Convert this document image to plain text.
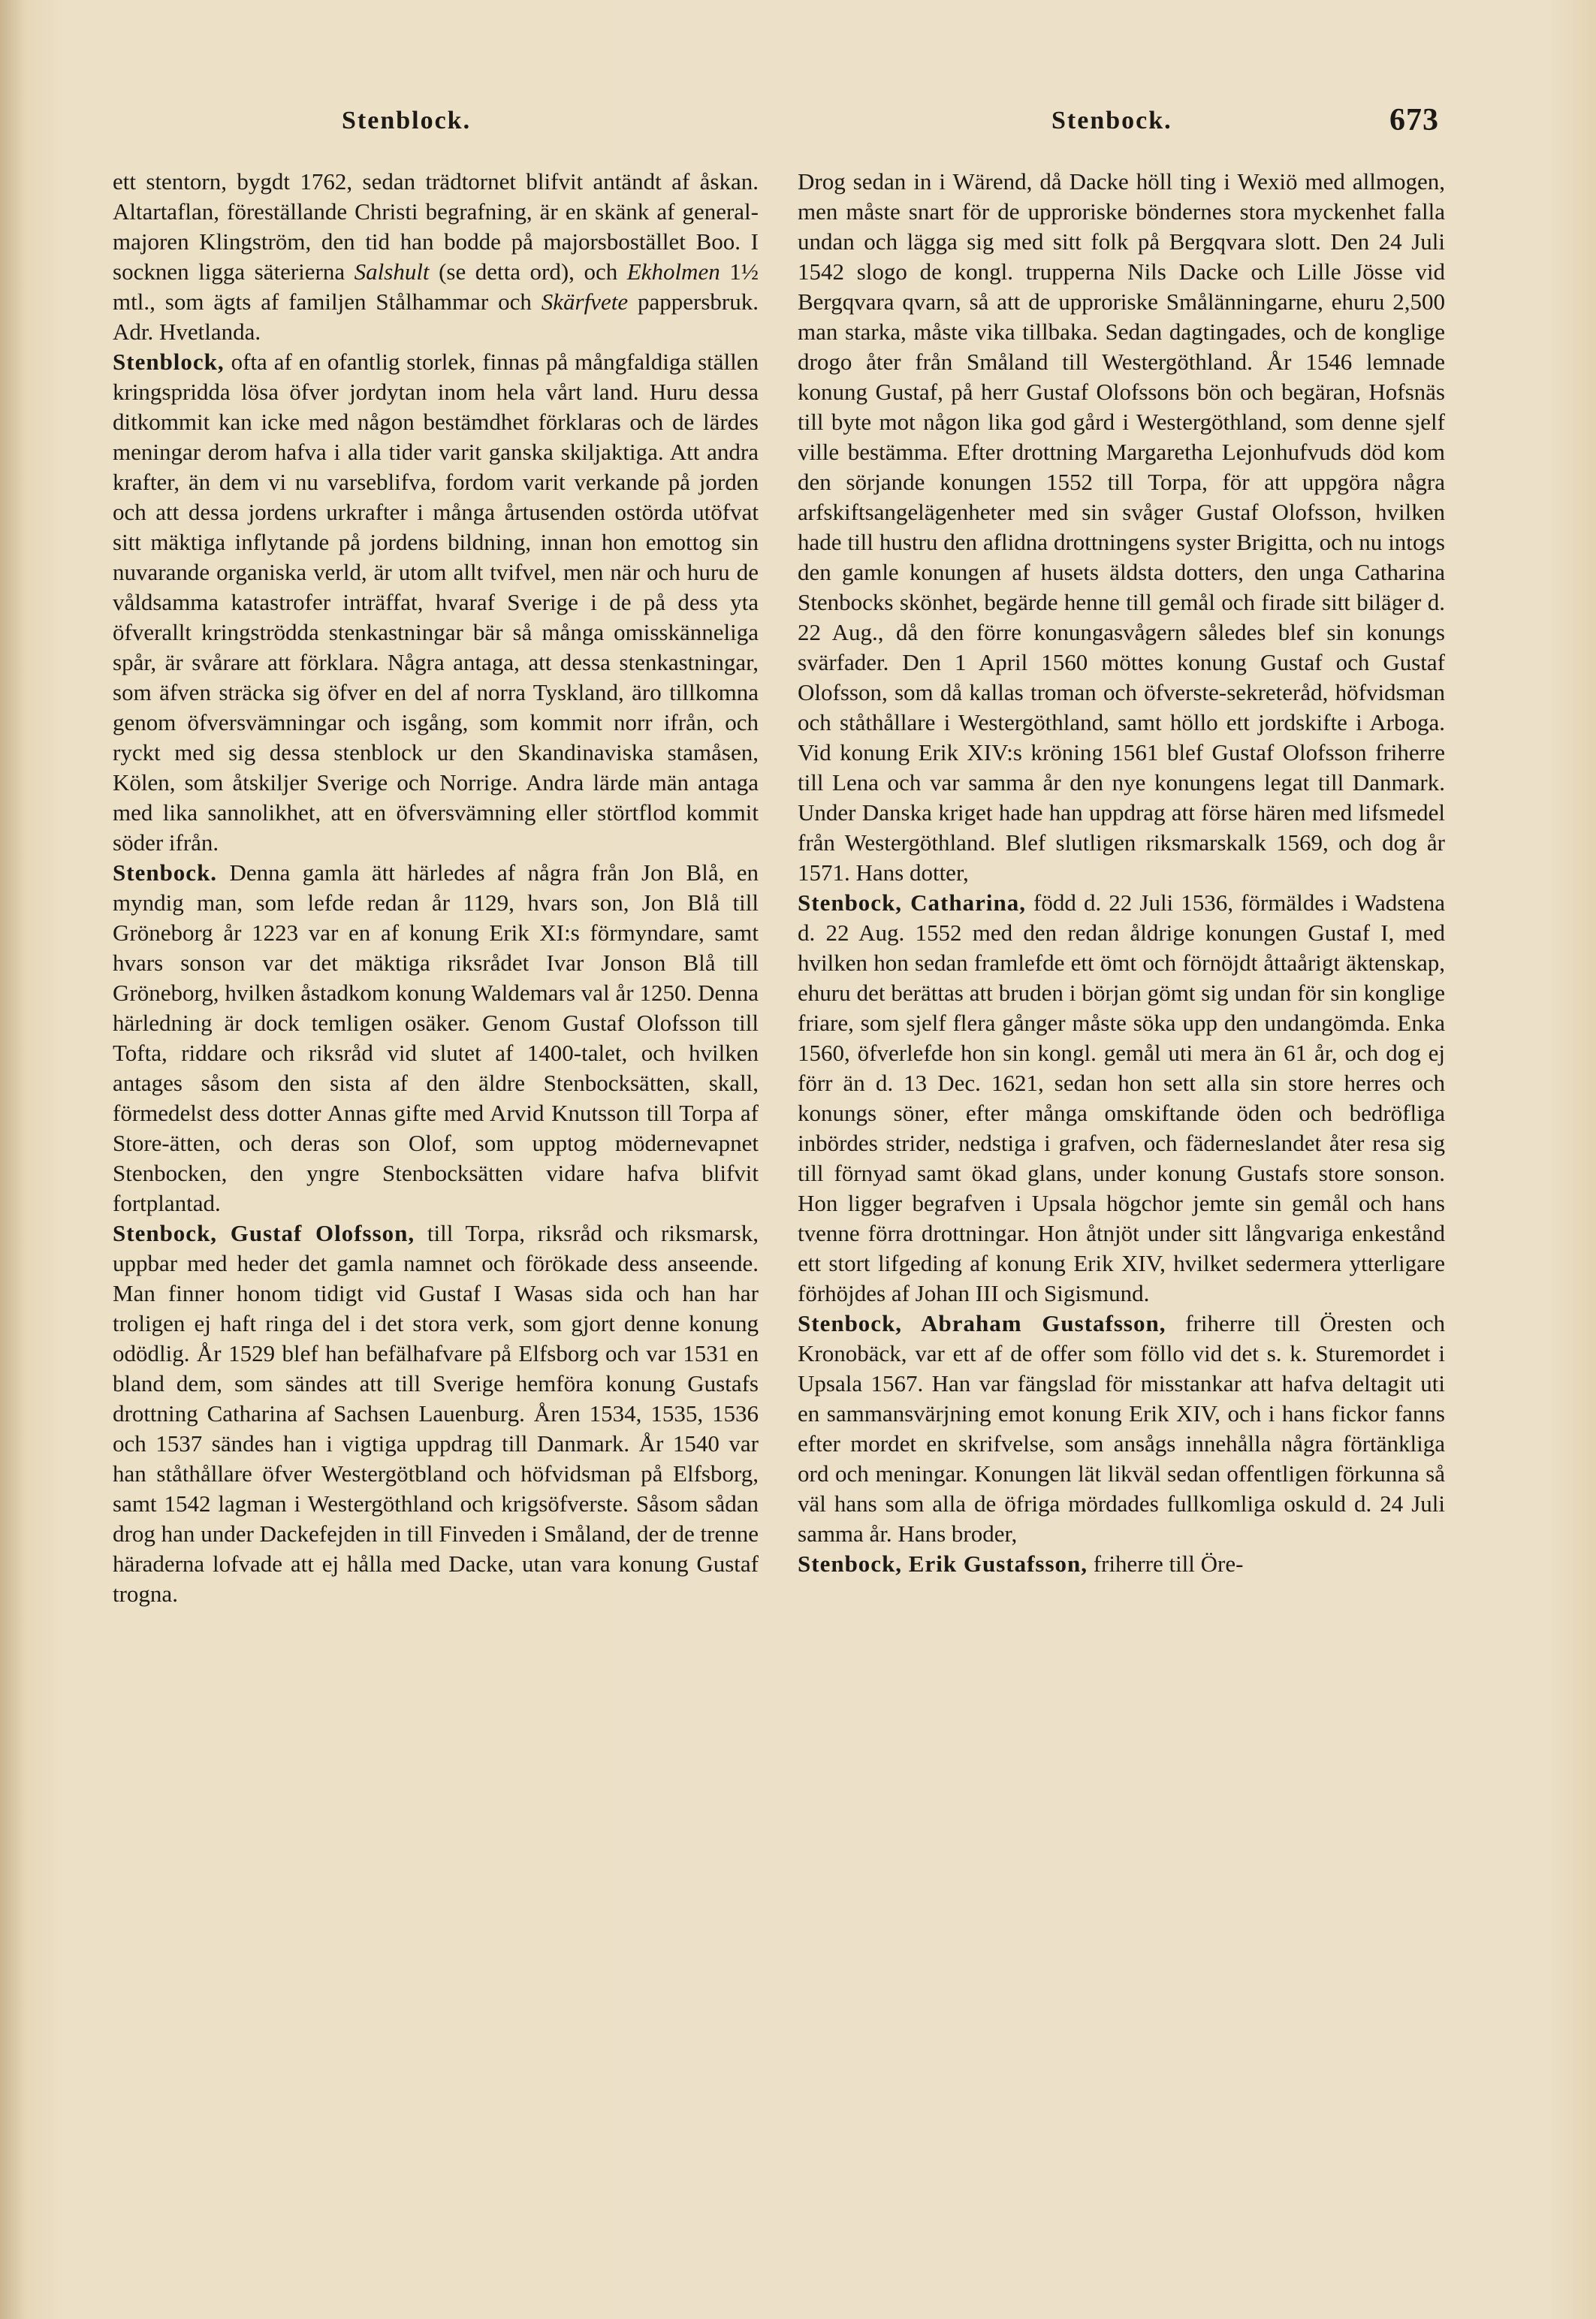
Stenblock.	Stenbock.	673

ett stentorn, bygdt 1762, sedan trädtornet blifvit antändt af åskan. Altartaflan, föreställande Christi begrafning, är en skänk af general-majoren Klingström, den tid han bodde på majorsbostället Boo. I socknen ligga säterierna Salshult (se detta ord), och Ekholmen 1½ mtl., som ägts af familjen Stålhammar och Skärfvete pappersbruk. Adr. Hvetlanda.

Stenblock, ofta af en ofantlig storlek, finnas på mångfaldiga ställen kringspridda lösa öfver jordytan inom hela vårt land. Huru dessa ditkommit kan icke med någon bestämdhet förklaras och de lärdes meningar derom hafva i alla tider varit ganska skiljaktiga. Att andra krafter, än dem vi nu varseblifva, fordom varit verkande på jorden och att dessa jordens urkrafter i många årtusenden ostörda utöfvat sitt mäktiga inflytande på jordens bildning, innan hon emottog sin nuvarande organiska verld, är utom allt tvifvel, men när och huru de våldsamma katastrofer inträffat, hvaraf Sverige i de på dess yta öfverallt kringströdda stenkastningar bär så många omisskänneliga spår, är svårare att förklara. Några antaga, att dessa stenkastningar, som äfven sträcka sig öfver en del af norra Tyskland, äro tillkomna genom öfversvämningar och isgång, som kommit norr ifrån, och ryckt med sig dessa stenblock ur den Skandinaviska stamåsen, Kölen, som åtskiljer Sverige och Norrige. Andra lärde män antaga med lika sannolikhet, att en öfversvämning eller störtflod kommit söder ifrån.

Stenbock. Denna gamla ätt härledes af några från Jon Blå, en myndig man, som lefde redan år 1129, hvars son, Jon Blå till Gröneborg år 1223 var en af konung Erik XI:s förmyndare, samt hvars sonson var det mäktiga riksrådet Ivar Jonson Blå till Gröneborg, hvilken åstadkom konung Waldemars val år 1250. Denna härledning är dock temligen osäker. Genom Gustaf Olofsson till Tofta, riddare och riksråd vid slutet af 1400-talet, och hvilken antages såsom den sista af den äldre Stenbocksätten, skall, förmedelst dess dotter Annas gifte med Arvid Knutsson till Torpa af Store-ätten, och deras son Olof, som upptog mödernevapnet Stenbocken, den yngre Stenbocksätten vidare hafva blifvit fortplantad.

Stenbock, Gustaf Olofsson, till Torpa, riksråd och riksmarsk, uppbar med heder det gamla namnet och förökade dess anseende. Man finner honom tidigt vid Gustaf I Wasas sida och han har troligen ej haft ringa del i det stora verk, som gjort denne konung odödlig. År 1529 blef han befälhafvare på Elfsborg och var 1531 en bland dem, som sändes att till Sverige hemföra konung Gustafs drottning Catharina af Sachsen Lauenburg. Åren 1534, 1535, 1536 och 1537 sändes han i vigtiga uppdrag till Danmark. År 1540 var han ståthållare öfver Westergötbland och höfvidsman på Elfsborg, samt 1542 lagman i Westergöthland och krigsöfverste. Såsom sådan drog han under Dackefejden in till Finveden i Småland, der de trenne häraderna lofvade att ej hålla med Dacke, utan vara konung Gustaf trogna.

Drog sedan in i Wärend, då Dacke höll ting i Wexiö med allmogen, men måste snart för de upproriske böndernes stora myckenhet falla undan och lägga sig med sitt folk på Bergqvara slott. Den 24 Juli 1542 slogo de kongl. trupperna Nils Dacke och Lille Jösse vid Bergqvara qvarn, så att de upproriske Smålänningarne, ehuru 2,500 man starka, måste vika tillbaka. Sedan dagtingades, och de konglige drogo åter från Småland till Westergöthland. År 1546 lemnade konung Gustaf, på herr Gustaf Olofssons bön och begäran, Hofsnäs till byte mot någon lika god gård i Westergöthland, som denne sjelf ville bestämma. Efter drottning Margaretha Lejonhufvuds död kom den sörjande konungen 1552 till Torpa, för att uppgöra några arfskiftsangelägenheter med sin svåger Gustaf Olofsson, hvilken hade till hustru den aflidna drottningens syster Brigitta, och nu intogs den gamle konungen af husets äldsta dotters, den unga Catharina Stenbocks skönhet, begärde henne till gemål och firade sitt biläger d. 22 Aug., då den förre konungasvågern således blef sin konungs svärfader. Den 1 April 1560 möttes konung Gustaf och Gustaf Olofsson, som då kallas troman och öfverste-sekreteråd, höfvidsman och ståthållare i Westergöthland, samt höllo ett jordskifte i Arboga. Vid konung Erik XIV:s kröning 1561 blef Gustaf Olofsson friherre till Lena och var samma år den nye konungens legat till Danmark. Under Danska kriget hade han uppdrag att förse hären med lifsmedel från Westergöthland. Blef slutligen riksmarskalk 1569, och dog år 1571. Hans dotter,

Stenbock, Catharina, född d. 22 Juli 1536, förmäldes i Wadstena d. 22 Aug. 1552 med den redan åldrige konungen Gustaf I, med hvilken hon sedan framlefde ett ömt och förnöjdt åttaårigt äktenskap, ehuru det berättas att bruden i början gömt sig undan för sin konglige friare, som sjelf flera gånger måste söka upp den undangömda. Enka 1560, öfverlefde hon sin kongl. gemål uti mera än 61 år, och dog ej förr än d. 13 Dec. 1621, sedan hon sett alla sin store herres och konungs söner, efter många omskiftande öden och bedröfliga inbördes strider, nedstiga i grafven, och fäderneslandet åter resa sig till förnyad samt ökad glans, under konung Gustafs store sonson. Hon ligger begrafven i Upsala högchor jemte sin gemål och hans tvenne förra drottningar. Hon åtnjöt under sitt långvariga enkestånd ett stort lifgeding af konung Erik XIV, hvilket sedermera ytterligare förhöjdes af Johan III och Sigismund.

Stenbock, Abraham Gustafsson, friherre till Öresten och Kronobäck, var ett af de offer som föllo vid det s. k. Sturemordet i Upsala 1567. Han var fängslad för misstankar att hafva deltagit uti en sammansvärjning emot konung Erik XIV, och i hans fickor fanns efter mordet en skrifvelse, som ansågs innehålla några förtänkliga ord och meningar. Konungen lät likväl sedan offentligen förkunna så väl hans som alla de öfriga mördades fullkomliga oskuld d. 24 Juli samma år. Hans broder,

Stenbock, Erik Gustafsson, friherre till Öre-
